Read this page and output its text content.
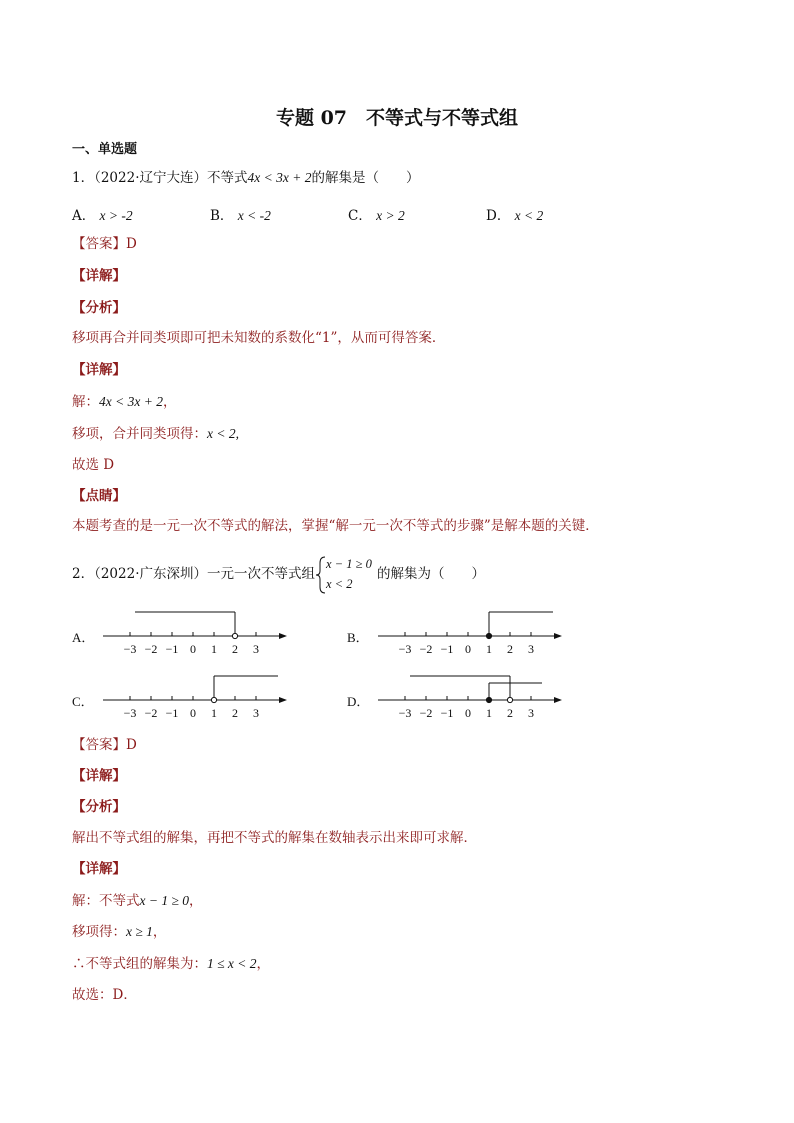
专题 07　不等式与不等式组
一、单选题
1．（2022·辽宁大连）不等式4x < 3x + 2的解集是（　　）
A． x > -2	B． x < -2	C． x > 2	D． x < 2
【答案】D
【详解】
【分析】
移项再合并同类项即可把未知数的系数化“1”，从而可得答案．
【详解】
解：4x < 3x + 2，
移项，合并同类项得：x < 2,
故选 D
【点睛】
本题考查的是一元一次不等式的解法，掌握“解一元一次不等式的步骤”是解本题的关键．
2．（2022·广东深圳）一元一次不等式组
x − 1 ≥ 0
x < 2
的解集为（　　）
A．
−3 −2 −1 0 1 2 3
B．
−3 −2 −1 0 1 2 3
C．
−3 −2 −1 0 1 2 3
D．
−3 −2 −1 0 1 2 3
【答案】D
【详解】
【分析】
解出不等式组的解集，再把不等式的解集在数轴表示出来即可求解．
【详解】
解：不等式x − 1 ≥ 0，
移项得：x ≥ 1，
∴不等式组的解集为：1 ≤ x < 2，
故选：D．
